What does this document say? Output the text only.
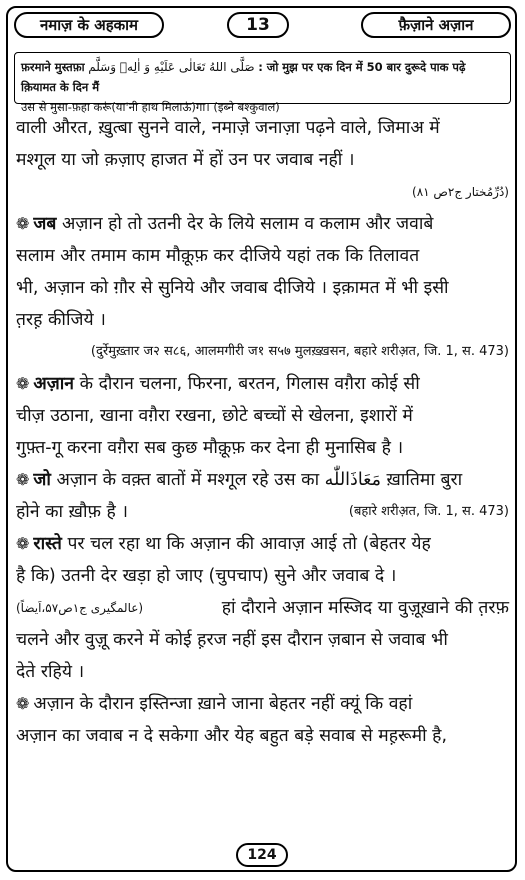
नमाज़ के अहकाम	13	फ़ैज़ाने अज़ान
फ़रमाने मुस्तफ़ा صَلَّى اللهُ تَعَالٰى عَلَيْهِ وَ اٰلِهٖ وَسَلَّم : जो मुझ पर एक दिन में 50 बार दुरूदे पाक पढ़े क़ियामत के दिन मैं
उस से मुसा-फ़हा करूं(या'नी हाथ मिलाऊं)गा। (इब्ने बश्कुवाल)
वाली औरत, ख़ुत्बा सुनने वाले, नमाज़े जनाज़ा पढ़ने वाले, जिमाअ में
मश्गूल या जो क़ज़ाए हाजत में हों उन पर जवाब नहीं ।
(دُرِّمُختار ج۲ص ۸۱)
❁ जब अज़ान हो तो उतनी देर के लिये सलाम व कलाम और जवाबे
सलाम और तमाम काम मौक़ूफ़ कर दीजिये यहां तक कि तिलावत
भी, अज़ान को ग़ौर से सुनिये और जवाब दीजिये । इक़ामत में भी इसी
त़रह़ कीजिये ।
(दुर्रेमुख़्तार ज२ स८६, आलमगीरी ज१ स५७ मुलख़्ख़सन, बहारे शरीअ़त, जि. 1, स. 473)
❁ अज़ान के दौरान चलना, फिरना, बरतन, गिलास वग़ैरा कोई सी
चीज़ उठाना, खाना वग़ैरा रखना, छोटे बच्चों से खेलना, इशारों में
गुफ़्त-गू करना वग़ैरा सब कुछ मौक़ूफ़ कर देना ही मुनासिब है ।
❁ जो अज़ान के वक़्त बातों में मश्गूल रहे उस का مَعَاذَاللّٰه ख़ातिमा बुरा
होने का ख़ौफ़ है ।	(बहारे शरीअ़त, जि. 1, स. 473)
❁ रास्ते पर चल रहा था कि अज़ान की आवाज़ आई तो (बेहतर येह
है कि) उतनी देर खड़ा हो जाए (चुपचाप) सुने और जवाब दे ।
(عالمگیری ج۱ص۵۷،اَیضاً)	हां दौराने अज़ान मस्जिद या वुज़ूख़ाने की त़रफ़
चलने और वुज़ू करने में कोई ह़रज नहीं इस दौरान ज़बान से जवाब भी
देते रहिये ।
❁ अज़ान के दौरान इस्तिन्जा ख़ाने जाना बेहतर नहीं क्यूं कि वहां
अज़ान का जवाब न दे सकेगा और येह बहुत बड़े सवाब से मह़रूमी है,
124
